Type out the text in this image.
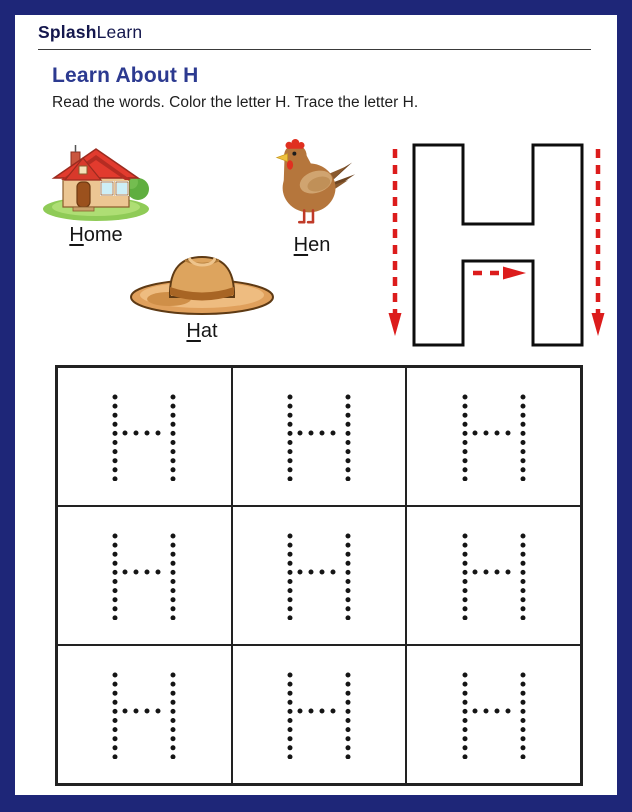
SplashLearn
Learn About H

Read the words. Color the letter H. Trace the letter H.

Home	Hen
Hat
